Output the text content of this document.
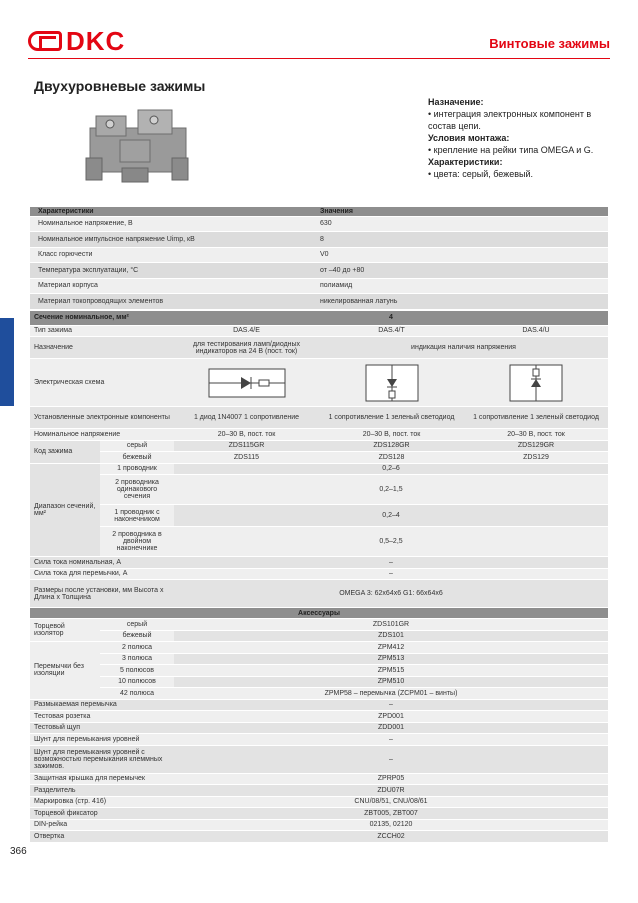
DKC	Винтовые зажимы
Двухуровневые зажимы
Назначение:
• интеграция электронных компонент в состав цепи.
Условия монтажа:
• крепление на рейки типа OMEGA и G.
Характеристики:
• цвета: серый, бежевый.
Характеристики	Значения
Номинальное напряжение, В	630
Номинальное импульсное напряжение Uimp, кВ	8
Класс горючести	V0
Температура эксплуатации, °С	от –40 до +80
Материал корпуса	полиамид
Материал токопроводящих элементов	никелированная латунь
Сечение номинальное, мм²		4		
Тип зажима		DAS.4/E	DAS.4/T	DAS.4/U
Назначение		для тестирования ламп/диодных индикаторов на 24 В (пост. ток)	индикация наличия напряжения	
Электрическая схема	

Установленные электронные компоненты		1 диод 1N4007 1 сопротивление	1 сопротивление 1 зеленый светодиод	1 сопротивление 1 зеленый светодиод
Номинальное напряжение		20–30 В, пост. ток	20–30 В, пост. ток	20–30 В, пост. ток
Код зажима	серый	ZDS115GR	ZDS128GR	ZDS129GR
	бежевый	ZDS115	ZDS128	ZDS129
Диапазон сечений, мм²	1 проводник	0,2–6		
	2 проводника одинакового сечения	0,2–1,5		
	1 проводник с наконечником	0,2–4		
	2 проводника в двойном наконечнике	0,5–2,5		
Сила тока номинальная, А		–		
Сила тока для перемычки, А		–		
Размеры после установки, мм Высота х Длина х Толщина		OMEGA 3: 62x64x6 G1: 66x64x6		
Аксессуары				
Торцевой изолятор	серый	ZDS101GR		
	бежевый	ZDS101		
Перемычки без изоляции	2 полюса	ZPM412		
	3 полюса	ZPM513		
	5 полюсов	ZPM515		
	10 полюсов	ZPM510		
	42 полюса	ZPMP58 – перемычка (ZCPM01 – винты)		
Размыкаемая перемычка		–		
Тестовая розетка		ZPD001		
Тестовый щуп		ZDD001		
Шунт для перемыкания уровней		–		
Шунт для перемыкания уровней с возможностью перемыкания клеммных зажимов.		–		
Защитная крышка для перемычек		ZPRP05		
Разделитель		ZDU07R		
Маркировка (стр. 416)		CNU/08/51, CNU/08/61		
Торцевой фиксатор		ZBT005, ZBT007		
DIN-рейка		02135, 02120		
Отвертка		ZCCH02		
366
